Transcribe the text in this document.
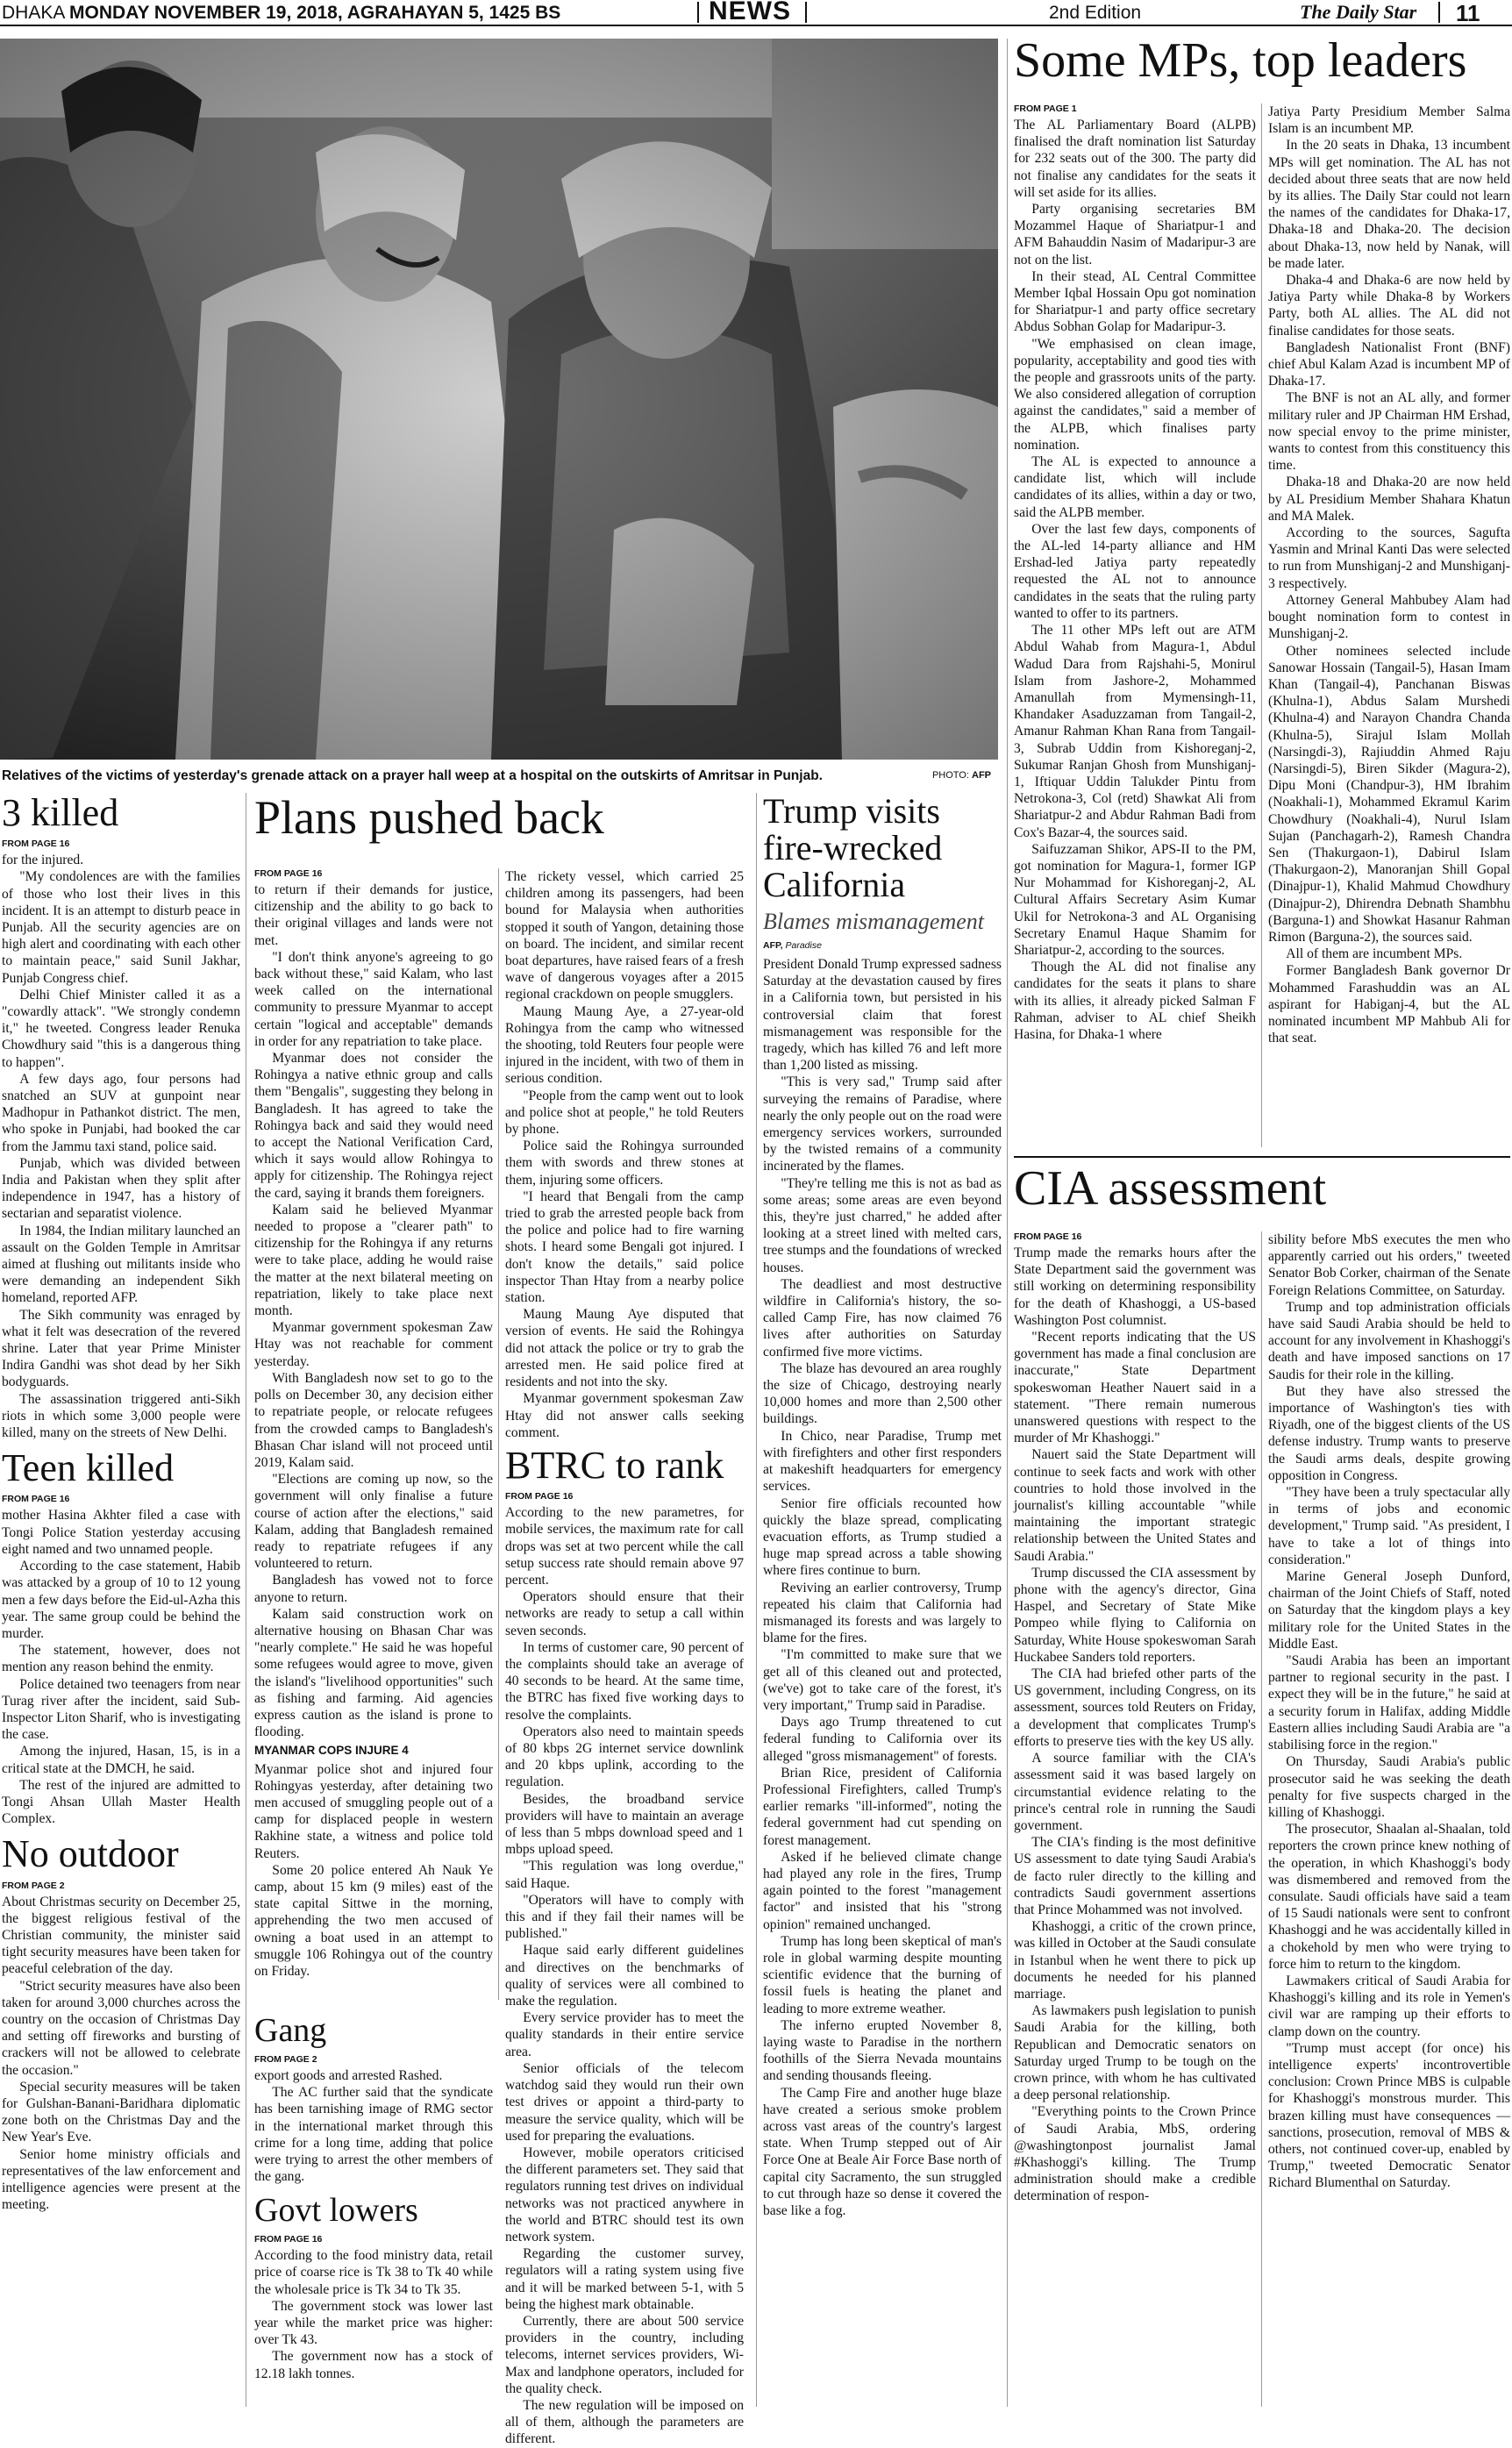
DHAKA MONDAY NOVEMBER 19, 2018, AGRAHAYAN 5, 1425 BS	NEWS	2nd Edition	The Daily Star 11
Relatives of the victims of yesterday's grenade attack on a prayer hall weep at a hospital on the outskirts of Amritsar in Punjab.	PHOTO: AFP
3 killed
FROM PAGE 16

for the injured.

"My condolences are with the families of those who lost their lives in this incident. It is an attempt to disturb peace in Punjab. All the security agencies are on high alert and coordinating with each other to maintain peace," said Sunil Jakhar, Punjab Congress chief.

Delhi Chief Minister called it as a "cowardly attack". "We strongly condemn it," he tweeted. Congress leader Renuka Chowdhury said "this is a dangerous thing to happen".

A few days ago, four persons had snatched an SUV at gunpoint near Madhopur in Pathankot district. The men, who spoke in Punjabi, had booked the car from the Jammu taxi stand, police said.

Punjab, which was divided between India and Pakistan when they split after independence in 1947, has a history of sectarian and separatist violence.

In 1984, the Indian military launched an assault on the Golden Temple in Amritsar aimed at flushing out militants inside who were demanding an independent Sikh homeland, reported AFP.

The Sikh community was enraged by what it felt was desecration of the revered shrine. Later that year Prime Minister Indira Gandhi was shot dead by her Sikh bodyguards.

The assassination triggered anti-Sikh riots in which some 3,000 people were killed, many on the streets of New Delhi.

Teen killed
FROM PAGE 16

mother Hasina Akhter filed a case with Tongi Police Station yesterday accusing eight named and two unnamed people.

According to the case statement, Habib was attacked by a group of 10 to 12 young men a few days before the Eid-ul-Azha this year. The same group could be behind the murder.

The statement, however, does not mention any reason behind the enmity.

Police detained two teenagers from near Turag river after the incident, said Sub-Inspector Liton Sharif, who is investigating the case.

Among the injured, Hasan, 15, is in a critical state at the DMCH, he said.

The rest of the injured are admitted to Tongi Ahsan Ullah Master Health Complex.

No outdoor
FROM PAGE 2

About Christmas security on December 25, the biggest religious festival of the Christian community, the minister said tight security measures have been taken for peaceful celebration of the day.

"Strict security measures have also been taken for around 3,000 churches across the country on the occasion of Christmas Day and setting off fireworks and bursting of crackers will not be allowed to celebrate the occasion."

Special security measures will be taken for Gulshan-Banani-Baridhara diplomatic zone both on the Christmas Day and the New Year's Eve.

Senior home ministry officials and representatives of the law enforcement and intelligence agencies were present at the meeting.

Plans pushed back
FROM PAGE 16

to return if their demands for justice, citizenship and the ability to go back to their original villages and lands were not met.

"I don't think anyone's agreeing to go back without these," said Kalam, who last week called on the international community to pressure Myanmar to accept certain "logical and acceptable" demands in order for any repatriation to take place.

Myanmar does not consider the Rohingya a native ethnic group and calls them "Bengalis", suggesting they belong in Bangladesh. It has agreed to take the Rohingya back and said they would need to accept the National Verification Card, which it says would allow Rohingya to apply for citizenship. The Rohingya reject the card, saying it brands them foreigners.

Kalam said he believed Myanmar needed to propose a "clearer path" to citizenship for the Rohingya if any returns were to take place, adding he would raise the matter at the next bilateral meeting on repatriation, likely to take place next month.

Myanmar government spokesman Zaw Htay was not reachable for comment yesterday.

With Bangladesh now set to go to the polls on December 30, any decision either to repatriate people, or relocate refugees from the crowded camps to Bangladesh's Bhasan Char island will not proceed until 2019, Kalam said.

"Elections are coming up now, so the government will only finalise a future course of action after the elections," said Kalam, adding that Bangladesh remained ready to repatriate refugees if any volunteered to return.

Bangladesh has vowed not to force anyone to return.

Kalam said construction work on alternative housing on Bhasan Char was "nearly complete." He said he was hopeful some refugees would agree to move, given the island's "livelihood opportunities" such as fishing and farming. Aid agencies express caution as the island is prone to flooding.

MYANMAR COPS INJURE 4

Myanmar police shot and injured four Rohingyas yesterday, after detaining two men accused of smuggling people out of a camp for displaced people in western Rakhine state, a witness and police told Reuters.

Some 20 police entered Ah Nauk Ye camp, about 15 km (9 miles) east of the state capital Sittwe in the morning, apprehending the two men accused of owning a boat used in an attempt to smuggle 106 Rohingya out of the country on Friday.

The rickety vessel, which carried 25 children among its passengers, had been bound for Malaysia when authorities stopped it south of Yangon, detaining those on board. The incident, and similar recent boat departures, have raised fears of a fresh wave of dangerous voyages after a 2015 regional crackdown on people smugglers.

Maung Maung Aye, a 27-year-old Rohingya from the camp who witnessed the shooting, told Reuters four people were injured in the incident, with two of them in serious condition.

"People from the camp went out to look and police shot at people," he told Reuters by phone.

Police said the Rohingya surrounded them with swords and threw stones at them, injuring some officers.

"I heard that Bengali from the camp tried to grab the arrested people back from the police and police had to fire warning shots. I heard some Bengali got injured. I don't know the details," said police inspector Than Htay from a nearby police station.

Maung Maung Aye disputed that version of events. He said the Rohingya did not attack the police or try to grab the arrested men. He said police fired at residents and not into the sky.

Myanmar government spokesman Zaw Htay did not answer calls seeking comment.

Gang
FROM PAGE 2

export goods and arrested Rashed.

The AC further said that the syndicate has been tarnishing image of RMG sector in the international market through this crime for a long time, adding that police were trying to arrest the other members of the gang.

Govt lowers
FROM PAGE 16

According to the food ministry data, retail price of coarse rice is Tk 38 to Tk 40 while the wholesale price is Tk 34 to Tk 35.

The government stock was lower last year while the market price was higher: over Tk 43.

The government now has a stock of 12.18 lakh tonnes.

BTRC to rank
FROM PAGE 16

According to the new parametres, for mobile services, the maximum rate for call drops was set at two percent while the call setup success rate should remain above 97 percent.

Operators should ensure that their networks are ready to setup a call within seven seconds.

In terms of customer care, 90 percent of the complaints should take an average of 40 seconds to be heard. At the same time, the BTRC has fixed five working days to resolve the complaints.

Operators also need to maintain speeds of 80 kbps 2G internet service downlink and 20 kbps uplink, according to the regulation.

Besides, the broadband service providers will have to maintain an average of less than 5 mbps download speed and 1 mbps upload speed.

"This regulation was long overdue," said Haque.

"Operators will have to comply with this and if they fail their names will be published."

Haque said early different guidelines and directives on the benchmarks of quality of services were all combined to make the regulation.

Every service provider has to meet the quality standards in their entire service area.

Senior officials of the telecom watchdog said they would run their own test drives or appoint a third-party to measure the service quality, which will be used for preparing the evaluations.

However, mobile operators criticised the different parameters set. They said that regulators running test drives on individual networks was not practiced anywhere in the world and BTRC should test its own network system.

Regarding the customer survey, regulators will a rating system using five and it will be marked between 5-1, with 5 being the highest mark obtainable.

Currently, there are about 500 service providers in the country, including telecoms, internet services providers, Wi-Max and landphone operators, included for the quality check.

The new regulation will be imposed on all of them, although the parameters are different.

Trump visits fire-wrecked California
Blames mismanagement
AFP, Paradise

President Donald Trump expressed sadness Saturday at the devastation caused by fires in a California town, but persisted in his controversial claim that forest mismanagement was responsible for the tragedy, which has killed 76 and left more than 1,200 listed as missing.

"This is very sad," Trump said after surveying the remains of Paradise, where nearly the only people out on the road were emergency services workers, surrounded by the twisted remains of a community incinerated by the flames.

"They're telling me this is not as bad as some areas; some areas are even beyond this, they're just charred," he added after looking at a street lined with melted cars, tree stumps and the foundations of wrecked houses.

The deadliest and most destructive wildfire in California's history, the so-called Camp Fire, has now claimed 76 lives after authorities on Saturday confirmed five more victims.

The blaze has devoured an area roughly the size of Chicago, destroying nearly 10,000 homes and more than 2,500 other buildings.

In Chico, near Paradise, Trump met with firefighters and other first responders at makeshift headquarters for emergency services.

Senior fire officials recounted how quickly the blaze spread, complicating evacuation efforts, as Trump studied a huge map spread across a table showing where fires continue to burn.

Reviving an earlier controversy, Trump repeated his claim that California had mismanaged its forests and was largely to blame for the fires.

"I'm committed to make sure that we get all of this cleaned out and protected, (we've) got to take care of the forest, it's very important," Trump said in Paradise.

Days ago Trump threatened to cut federal funding to California over its alleged "gross mismanagement" of forests.

Brian Rice, president of California Professional Firefighters, called Trump's earlier remarks "ill-informed", noting the federal government had cut spending on forest management.

Asked if he believed climate change had played any role in the fires, Trump again pointed to the forest "management factor" and insisted that his "strong opinion" remained unchanged.

Trump has long been skeptical of man's role in global warming despite mounting scientific evidence that the burning of fossil fuels is heating the planet and leading to more extreme weather.

The inferno erupted November 8, laying waste to Paradise in the northern foothills of the Sierra Nevada mountains and sending thousands fleeing.

The Camp Fire and another huge blaze have created a serious smoke problem across vast areas of the country's largest state. When Trump stepped out of Air Force One at Beale Air Force Base north of capital city Sacramento, the sun struggled to cut through haze so dense it covered the base like a fog.

Some MPs, top leaders
FROM PAGE 1

The AL Parliamentary Board (ALPB) finalised the draft nomination list Saturday for 232 seats out of the 300. The party did not finalise any candidates for the seats it will set aside for its allies.

Party organising secretaries BM Mozammel Haque of Shariatpur-1 and AFM Bahauddin Nasim of Madaripur-3 are not on the list.

In their stead, AL Central Committee Member Iqbal Hossain Opu got nomination for Shariatpur-1 and party office secretary Abdus Sobhan Golap for Madaripur-3.

"We emphasised on clean image, popularity, acceptability and good ties with the people and grassroots units of the party. We also considered allegation of corruption against the candidates," said a member of the ALPB, which finalises party nomination.

The AL is expected to announce a candidate list, which will include candidates of its allies, within a day or two, said the ALPB member.

Over the last few days, components of the AL-led 14-party alliance and HM Ershad-led Jatiya party repeatedly requested the AL not to announce candidates in the seats that the ruling party wanted to offer to its partners.

The 11 other MPs left out are ATM Abdul Wahab from Magura-1, Abdul Wadud Dara from Rajshahi-5, Monirul Islam from Jashore-2, Mohammed Amanullah from Mymensingh-11, Khandaker Asaduzzaman from Tangail-2, Amanur Rahman Khan Rana from Tangail-3, Subrab Uddin from Kishoreganj-2, Sukumar Ranjan Ghosh from Munshiganj-1, Iftiquar Uddin Talukder Pintu from Netrokona-3, Col (retd) Shawkat Ali from Shariatpur-2 and Abdur Rahman Badi from Cox's Bazar-4, the sources said.

Saifuzzaman Shikor, APS-II to the PM, got nomination for Magura-1, former IGP Nur Mohammad for Kishoreganj-2, AL Cultural Affairs Secretary Asim Kumar Ukil for Netrokona-3 and AL Organising Secretary Enamul Haque Shamim for Shariatpur-2, according to the sources.

Though the AL did not finalise any candidates for the seats it plans to share with its allies, it already picked Salman F Rahman, adviser to AL chief Sheikh Hasina, for Dhaka-1 where

Jatiya Party Presidium Member Salma Islam is an incumbent MP.

In the 20 seats in Dhaka, 13 incumbent MPs will get nomination. The AL has not decided about three seats that are now held by its allies. The Daily Star could not learn the names of the candidates for Dhaka-17, Dhaka-18 and Dhaka-20. The decision about Dhaka-13, now held by Nanak, will be made later.

Dhaka-4 and Dhaka-6 are now held by Jatiya Party while Dhaka-8 by Workers Party, both AL allies. The AL did not finalise candidates for those seats.

Bangladesh Nationalist Front (BNF) chief Abul Kalam Azad is incumbent MP of Dhaka-17.

The BNF is not an AL ally, and former military ruler and JP Chairman HM Ershad, now special envoy to the prime minister, wants to contest from this constituency this time.

Dhaka-18 and Dhaka-20 are now held by AL Presidium Member Shahara Khatun and MA Malek.

According to the sources, Sagufta Yasmin and Mrinal Kanti Das were selected to run from Munshiganj-2 and Munshiganj-3 respectively.

Attorney General Mahbubey Alam had bought nomination form to contest in Munshiganj-2.

Other nominees selected include Sanowar Hossain (Tangail-5), Hasan Imam Khan (Tangail-4), Panchanan Biswas (Khulna-1), Abdus Salam Murshedi (Khulna-4) and Narayon Chandra Chanda (Khulna-5), Sirajul Islam Mollah (Narsingdi-3), Rajiuddin Ahmed Raju (Narsingdi-5), Biren Sikder (Magura-2), Dipu Moni (Chandpur-3), HM Ibrahim (Noakhali-1), Mohammed Ekramul Karim Chowdhury (Noakhali-4), Nurul Islam Sujan (Panchagarh-2), Ramesh Chandra Sen (Thakurgaon-1), Dabirul Islam (Thakurgaon-2), Manoranjan Shill Gopal (Dinajpur-1), Khalid Mahmud Chowdhury (Dinajpur-2), Dhirendra Debnath Shambhu (Barguna-1) and Showkat Hasanur Rahman Rimon (Barguna-2), the sources said.

All of them are incumbent MPs.

Former Bangladesh Bank governor Dr Mohammed Farashuddin was an AL aspirant for Habiganj-4, but the AL nominated incumbent MP Mahbub Ali for that seat.

CIA assessment
FROM PAGE 16

Trump made the remarks hours after the State Department said the government was still working on determining responsibility for the death of Khashoggi, a US-based Washington Post columnist.

"Recent reports indicating that the US government has made a final conclusion are inaccurate," State Department spokeswoman Heather Nauert said in a statement. "There remain numerous unanswered questions with respect to the murder of Mr Khashoggi."

Nauert said the State Department will continue to seek facts and work with other countries to hold those involved in the journalist's killing accountable "while maintaining the important strategic relationship between the United States and Saudi Arabia."

Trump discussed the CIA assessment by phone with the agency's director, Gina Haspel, and Secretary of State Mike Pompeo while flying to California on Saturday, White House spokeswoman Sarah Huckabee Sanders told reporters.

The CIA had briefed other parts of the US government, including Congress, on its assessment, sources told Reuters on Friday, a development that complicates Trump's efforts to preserve ties with the key US ally.

A source familiar with the CIA's assessment said it was based largely on circumstantial evidence relating to the prince's central role in running the Saudi government.

The CIA's finding is the most definitive US assessment to date tying Saudi Arabia's de facto ruler directly to the killing and contradicts Saudi government assertions that Prince Mohammed was not involved.

Khashoggi, a critic of the crown prince, was killed in October at the Saudi consulate in Istanbul when he went there to pick up documents he needed for his planned marriage.

As lawmakers push legislation to punish Saudi Arabia for the killing, both Republican and Democratic senators on Saturday urged Trump to be tough on the crown prince, with whom he has cultivated a deep personal relationship.

"Everything points to the Crown Prince of Saudi Arabia, MbS, ordering @washingtonpost journalist Jamal #Khashoggi's killing. The Trump administration should make a credible determination of respon-

sibility before MbS executes the men who apparently carried out his orders," tweeted Senator Bob Corker, chairman of the Senate Foreign Relations Committee, on Saturday.

Trump and top administration officials have said Saudi Arabia should be held to account for any involvement in Khashoggi's death and have imposed sanctions on 17 Saudis for their role in the killing.

But they have also stressed the importance of Washington's ties with Riyadh, one of the biggest clients of the US defense industry. Trump wants to preserve the Saudi arms deals, despite growing opposition in Congress.

"They have been a truly spectacular ally in terms of jobs and economic development," Trump said. "As president, I have to take a lot of things into consideration."

Marine General Joseph Dunford, chairman of the Joint Chiefs of Staff, noted on Saturday that the kingdom plays a key military role for the United States in the Middle East.

"Saudi Arabia has been an important partner to regional security in the past. I expect they will be in the future," he said at a security forum in Halifax, adding Middle Eastern allies including Saudi Arabia are "a stabilising force in the region."

On Thursday, Saudi Arabia's public prosecutor said he was seeking the death penalty for five suspects charged in the killing of Khashoggi.

The prosecutor, Shaalan al-Shaalan, told reporters the crown prince knew nothing of the operation, in which Khashoggi's body was dismembered and removed from the consulate. Saudi officials have said a team of 15 Saudi nationals were sent to confront Khashoggi and he was accidentally killed in a chokehold by men who were trying to force him to return to the kingdom.

Lawmakers critical of Saudi Arabia for Khashoggi's killing and its role in Yemen's civil war are ramping up their efforts to clamp down on the country.

"Trump must accept (for once) his intelligence experts' incontrovertible conclusion: Crown Prince MBS is culpable for Khashoggi's monstrous murder. This brazen killing must have consequences — sanctions, prosecution, removal of MBS & others, not continued cover-up, enabled by Trump," tweeted Democratic Senator Richard Blumenthal on Saturday.
